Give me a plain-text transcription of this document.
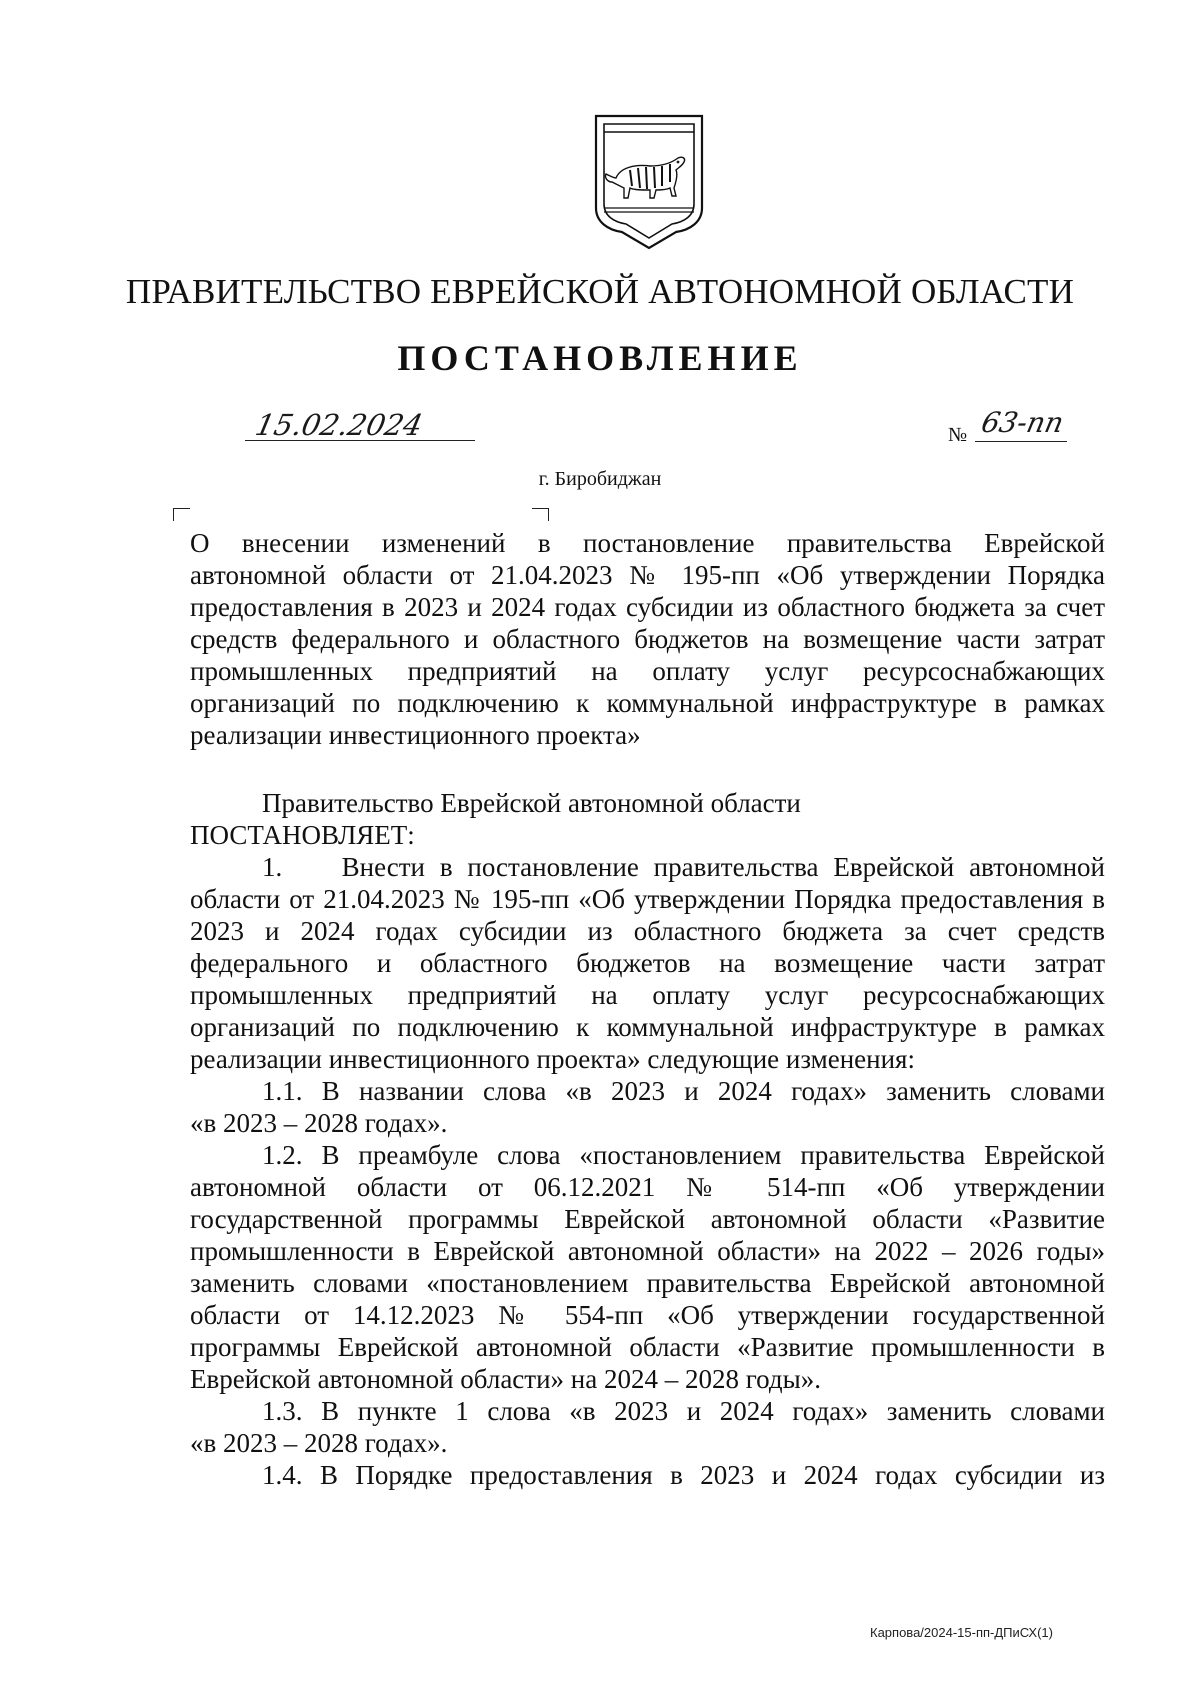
ПРАВИТЕЛЬСТВО ЕВРЕЙСКОЙ АВТОНОМНОЙ ОБЛАСТИ
ПОСТАНОВЛЕНИЕ
15.02.2024	№ 63-пп
г. Биробиджан
О внесении изменений в постановление правительства Еврейской
автономной области от 21.04.2023 № 195-пп «Об утверждении Порядка
предоставления в 2023 и 2024 годах субсидии из областного бюджета за счет
средств федерального и областного бюджетов на возмещение части затрат
промышленных предприятий на оплату услуг ресурсоснабжающих
организаций по подключению к коммунальной инфраструктуре в рамках
реализации инвестиционного проекта»
Правительство Еврейской автономной области
ПОСТАНОВЛЯЕТ:
1.    Внести в постановление правительства Еврейской автономной
области от 21.04.2023 № 195-пп «Об утверждении Порядка предоставления в
2023 и 2024 годах субсидии из областного бюджета за счет средств
федерального и областного бюджетов на возмещение части затрат
промышленных предприятий на оплату услуг ресурсоснабжающих
организаций по подключению к коммунальной инфраструктуре в рамках
реализации инвестиционного проекта» следующие изменения:
1.1. В названии слова «в 2023 и 2024 годах» заменить словами
«в 2023 – 2028 годах».
1.2. В преамбуле слова «постановлением правительства Еврейской
автономной области от 06.12.2021 № 514-пп «Об утверждении
государственной программы Еврейской автономной области «Развитие
промышленности в Еврейской автономной области» на 2022 – 2026 годы»
заменить словами «постановлением правительства Еврейской автономной
области от 14.12.2023 № 554-пп «Об утверждении государственной
программы Еврейской автономной области «Развитие промышленности в
Еврейской автономной области» на 2024 – 2028 годы».
1.3. В пункте 1 слова «в 2023 и 2024 годах» заменить словами
«в 2023 – 2028 годах».
1.4. В Порядке предоставления в 2023 и 2024 годах субсидии из
Карпова/2024-15-пп-ДПиСХ(1)
